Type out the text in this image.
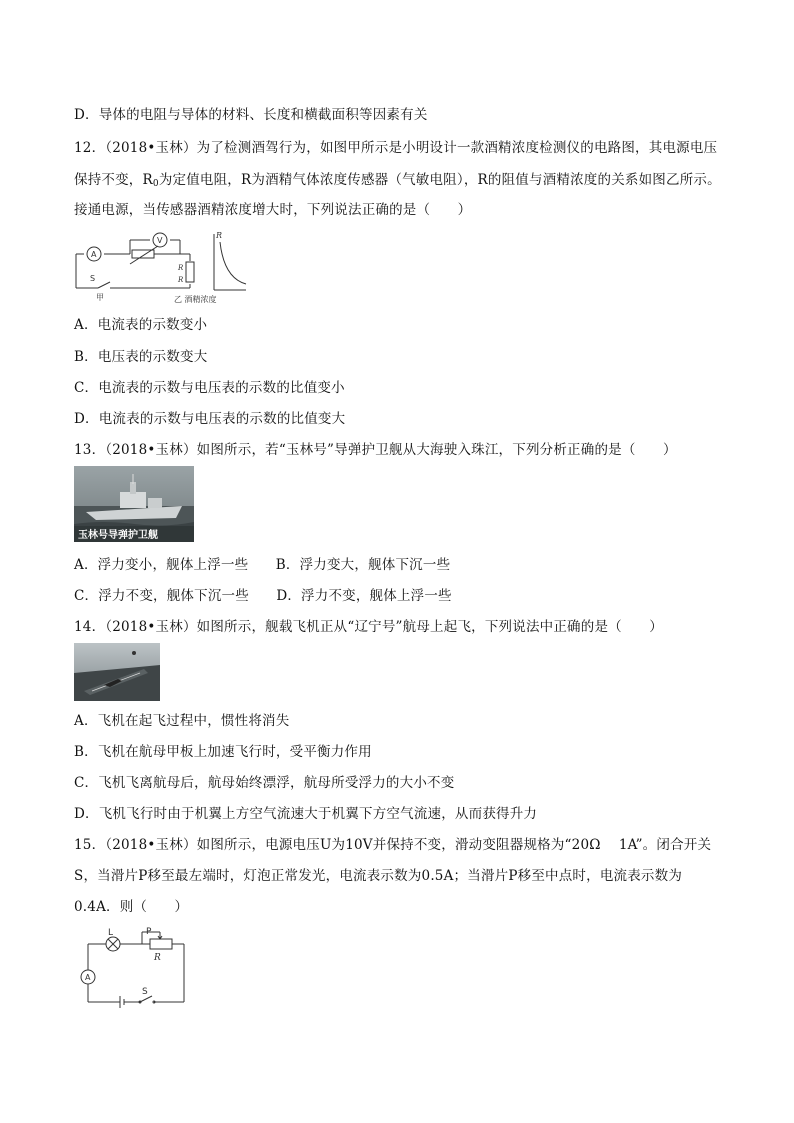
D．导体的电阻与导体的材料、长度和横截面积等因素有关
12．（2018•玉林）为了检测酒驾行为，如图甲所示是小明设计一款酒精浓度检测仪的电路图，其电源电压
保持不变，$R_0$为定值电阻，R为酒精气体浓度传感器（气敏电阻），R的阻值与酒精浓度的关系如图乙所示。
接通电源，当传感器酒精浓度增大时，下列说法正确的是（　　）
A
V
S
R
R
甲
R
乙 酒精浓度
A．电流表的示数变小
B．电压表的示数变大
C．电流表的示数与电压表的示数的比值变小
D．电流表的示数与电压表的示数的比值变大
13．（2018•玉林）如图所示，若“玉林号”导弹护卫舰从大海驶入珠江，下列分析正确的是（　　）
玉林号导弹护卫舰
A．浮力变小，舰体上浮一些　　B．浮力变大，舰体下沉一些
C．浮力不变，舰体下沉一些　　D．浮力不变，舰体上浮一些
14．（2018•玉林）如图所示，舰载飞机正从“辽宁号”航母上起飞，下列说法中正确的是（　　）
A．飞机在起飞过程中，惯性将消失
B．飞机在航母甲板上加速飞行时，受平衡力作用
C．飞机飞离航母后，航母始终漂浮，航母所受浮力的大小不变
D．飞机飞行时由于机翼上方空气流速大于机翼下方空气流速，从而获得升力
15．（2018•玉林）如图所示，电源电压U为10V并保持不变，滑动变阻器规格为“20Ω　 1A”。闭合开关
S，当滑片P移至最左端时，灯泡正常发光，电流表示数为0.5A；当滑片P移至中点时，电流表示数为
0.4A．则（　　）
L	P
R
A
S
